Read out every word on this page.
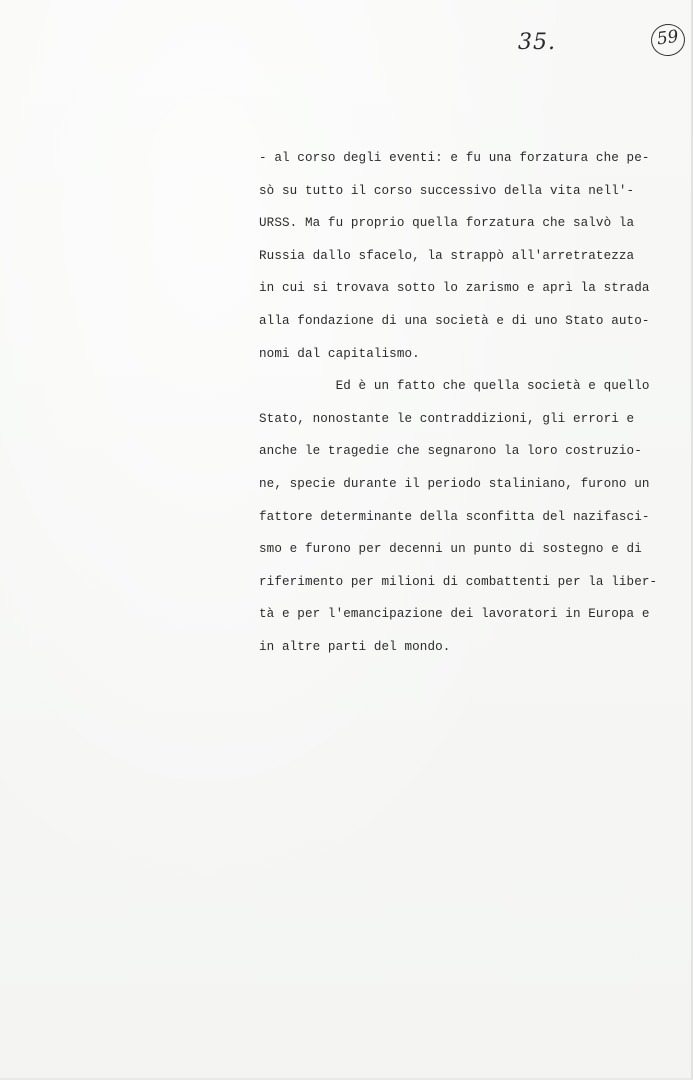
35.	59
- al corso degli eventi: e fu una forzatura che pe-
sò su tutto il corso successivo della vita nell'-
URSS. Ma fu proprio quella forzatura che salvò la
Russia dallo sfacelo, la strappò all'arretratezza
in cui si trovava sotto lo zarismo e aprì la strada
alla fondazione di una società e di uno Stato auto-
nomi dal capitalismo.
Ed è un fatto che quella società e quello
Stato, nonostante le contraddizioni, gli errori e
anche le tragedie che segnarono la loro costruzio-
ne, specie durante il periodo staliniano, furono un
fattore determinante della sconfitta del nazifasci-
smo e furono per decenni un punto di sostegno e di
riferimento per milioni di combattenti per la liber-
tà e per l'emancipazione dei lavoratori in Europa e
in altre parti del mondo.
